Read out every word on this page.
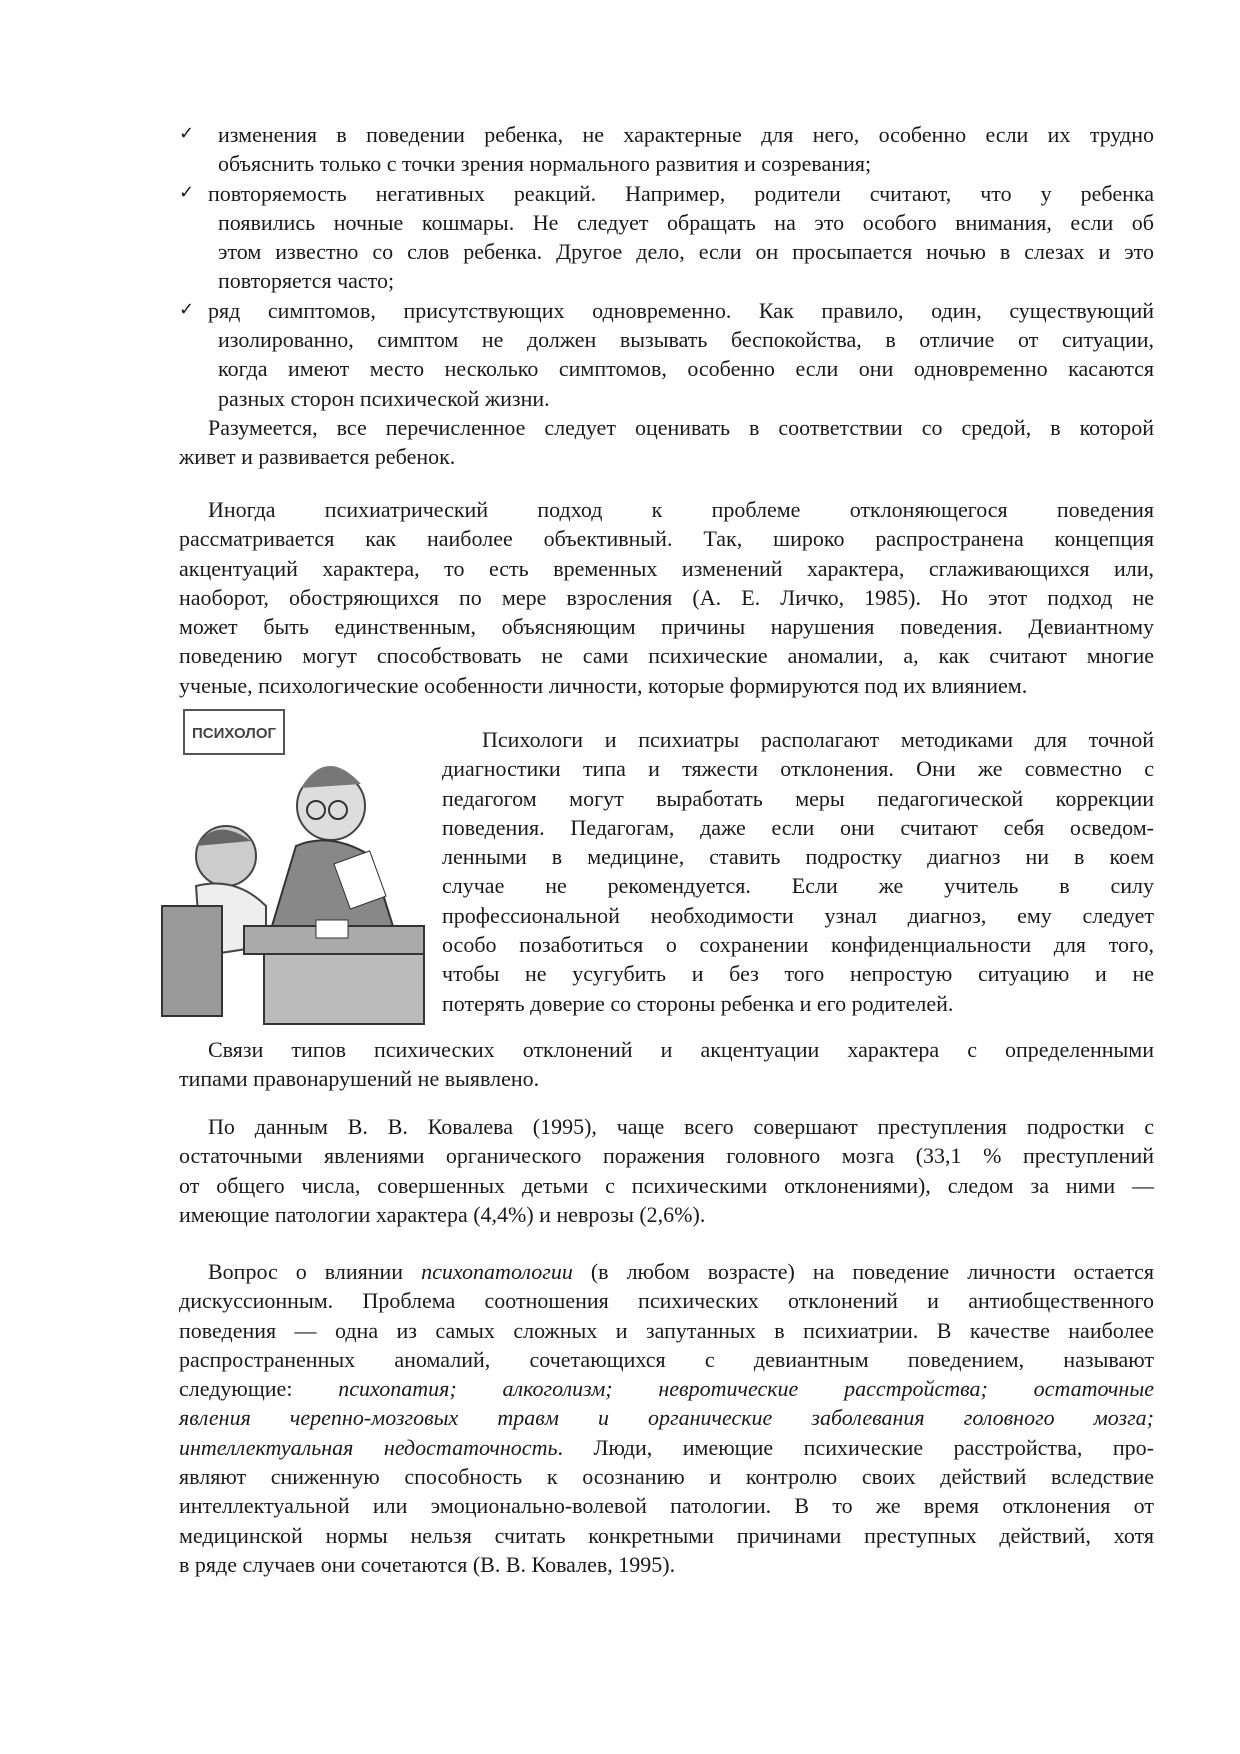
✓ изменения в поведении ребенка, не характерные для него, особенно если их трудно
объяснить только с точки зрения нормального развития и созревания;
✓ повторяемость негативных реакций. Например, родители считают, что у ребенка
появились ночные кошмары. Не следует обращать на это особого внимания, если об
этом известно со слов ребенка. Другое дело, если он просыпается ночью в слезах и это
повторяется часто;
✓ ряд симптомов, присутствующих одновременно. Как правило, один, существующий
изолированно, симптом не должен вызывать беспокойства, в отличие от ситуации,
когда имеют место несколько симптомов, особенно если они одновременно касаются
разных сторон психической жизни.
Разумеется, все перечисленное следует оценивать в соответствии со средой, в которой
живет и развивается ребенок.
Иногда психиатрический подход к проблеме отклоняющегося поведения
рассматривается как наиболее объективный. Так, широко распространена концепция
акцентуаций характера, то есть временных изменений характера, сглаживающихся или,
наоборот, обостряющихся по мере взросления (А. Е. Личко, 1985). Но этот подход не
может быть единственным, объясняющим причины нарушения поведения. Девиантному
поведению могут способствовать не сами психические аномалии, а, как считают многие
ученые, психологические особенности личности, которые формируются под их влиянием.
ПСИХОЛОГ	Психологи и психиатры располагают методиками для точной
диагностики типа и тяжести отклонения. Они же совместно с
педагогом могут выработать меры педагогической коррекции
поведения. Педагогам, даже если они считают себя осведом-
ленными в медицине, ставить подростку диагноз ни в коем
случае не рекомендуется. Если же учитель в силу
профессиональной необходимости узнал диагноз, ему следует
особо позаботиться о сохранении конфиденциальности для того,
чтобы не усугубить и без того непростую ситуацию и не
потерять доверие со стороны ребенка и его родителей.
Связи типов психических отклонений и акцентуации характера с определенными
типами правонарушений не выявлено.
По данным В. В. Ковалева (1995), чаще всего совершают преступления подростки с
остаточными явлениями органического поражения головного мозга (33,1 % преступлений
от общего числа, совершенных детьми с психическими отклонениями), следом за ними —
имеющие патологии характера (4,4%) и неврозы (2,6%).
Вопрос о влиянии психопатологии (в любом возрасте) на поведение личности остается
дискуссионным. Проблема соотношения психических отклонений и антиобщественного
поведения — одна из самых сложных и запутанных в психиатрии. В качестве наиболее
распространенных аномалий, сочетающихся с девиантным поведением, называют
следующие: психопатия; алкоголизм; невротические расстройства; остаточные
явления черепно-мозговых травм и органические заболевания головного мозга;
интеллектуальная недостаточность. Люди, имеющие психические расстройства, про-
являют сниженную способность к осознанию и контролю своих действий вследствие
интеллектуальной или эмоционально-волевой патологии. В то же время отклонения от
медицинской нормы нельзя считать конкретными причинами преступных действий, хотя
в ряде случаев они сочетаются (В. В. Ковалев, 1995).
